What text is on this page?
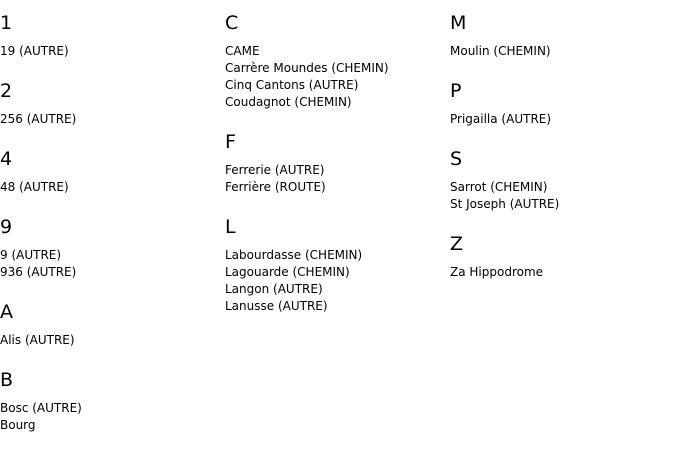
1
19 (AUTRE)
2
256 (AUTRE)
4
48 (AUTRE)
9
9 (AUTRE)
936 (AUTRE)
A
Alis (AUTRE)
B
Bosc (AUTRE)
Bourg
C
CAME
Carrère Moundes (CHEMIN)
Cinq Cantons (AUTRE)
Coudagnot (CHEMIN)
F
Ferrerie (AUTRE)
Ferrière (ROUTE)
L
Labourdasse (CHEMIN)
Lagouarde (CHEMIN)
Langon (AUTRE)
Lanusse (AUTRE)
M
Moulin (CHEMIN)
P
Prigailla (AUTRE)
S
Sarrot (CHEMIN)
St Joseph (AUTRE)
Z
Za Hippodrome
